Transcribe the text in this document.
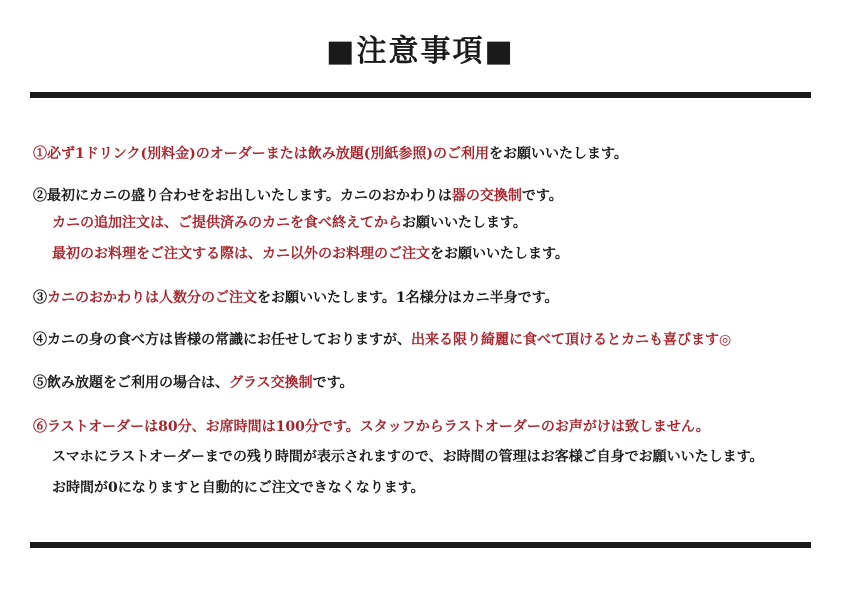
■注意事項■
①必ず1ドリンク(別料金)のオーダーまたは飲み放題(別紙参照)のご利用をお願いいたします。
②最初にカニの盛り合わせをお出しいたします。カニのおかわりは器の交換制です。
カニの追加注文は、ご提供済みのカニを食べ終えてからお願いいたします。
最初のお料理をご注文する際は、カニ以外のお料理のご注文をお願いいたします。
③カニのおかわりは人数分のご注文をお願いいたします。1名様分はカニ半身です。
④カニの身の食べ方は皆様の常識にお任せしておりますが、出来る限り綺麗に食べて頂けるとカニも喜びます◎
⑤飲み放題をご利用の場合は、グラス交換制です。
⑥ラストオーダーは80分、お席時間は100分です。スタッフからラストオーダーのお声がけは致しません。
スマホにラストオーダーまでの残り時間が表示されますので、お時間の管理はお客様ご自身でお願いいたします。
お時間が0になりますと自動的にご注文できなくなります。
